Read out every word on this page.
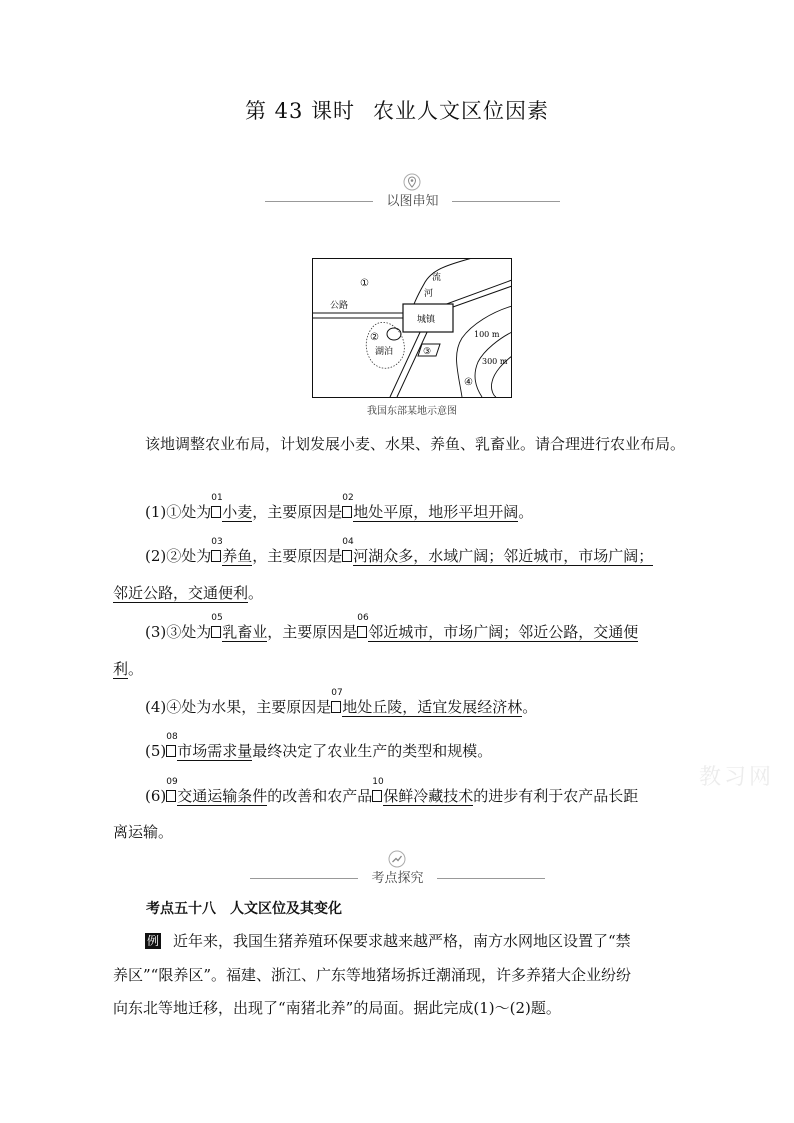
第 43 课时 农业人文区位因素
以图串知
①
公路
流
河
城镇
②
湖泊	③
100 m
300 m
④
我国东部某地示意图
该地调整农业布局，计划发展小麦、水果、养鱼、乳畜业。请合理进行农业布局。
(1)①处为
01
小麦，主要原因是
02
地处平原，地形平坦开阔。
(2)②处为
03
养鱼，主要原因是
04
河湖众多，水域广阔；邻近城市，市场广阔；
邻近公路，交通便利。
(3)③处为
05
乳畜业，主要原因是
06
邻近城市，市场广阔；邻近公路，交通便
利。
(4)④处为水果，主要原因是
07
地处丘陵，适宜发展经济林。
(5)
08
市场需求量最终决定了农业生产的类型和规模。
(6)
09
交通运输条件的改善和农产品
10
保鲜冷藏技术的进步有利于农产品长距
离运输。
教习网
考点探究
考点五十八 人文区位及其变化
例 近年来，我国生猪养殖环保要求越来越严格，南方水网地区设置了“禁
养区”“限养区”。福建、浙江、广东等地猪场拆迁潮涌现，许多养猪大企业纷纷
向东北等地迁移，出现了“南猪北养”的局面。据此完成(1)～(2)题。
